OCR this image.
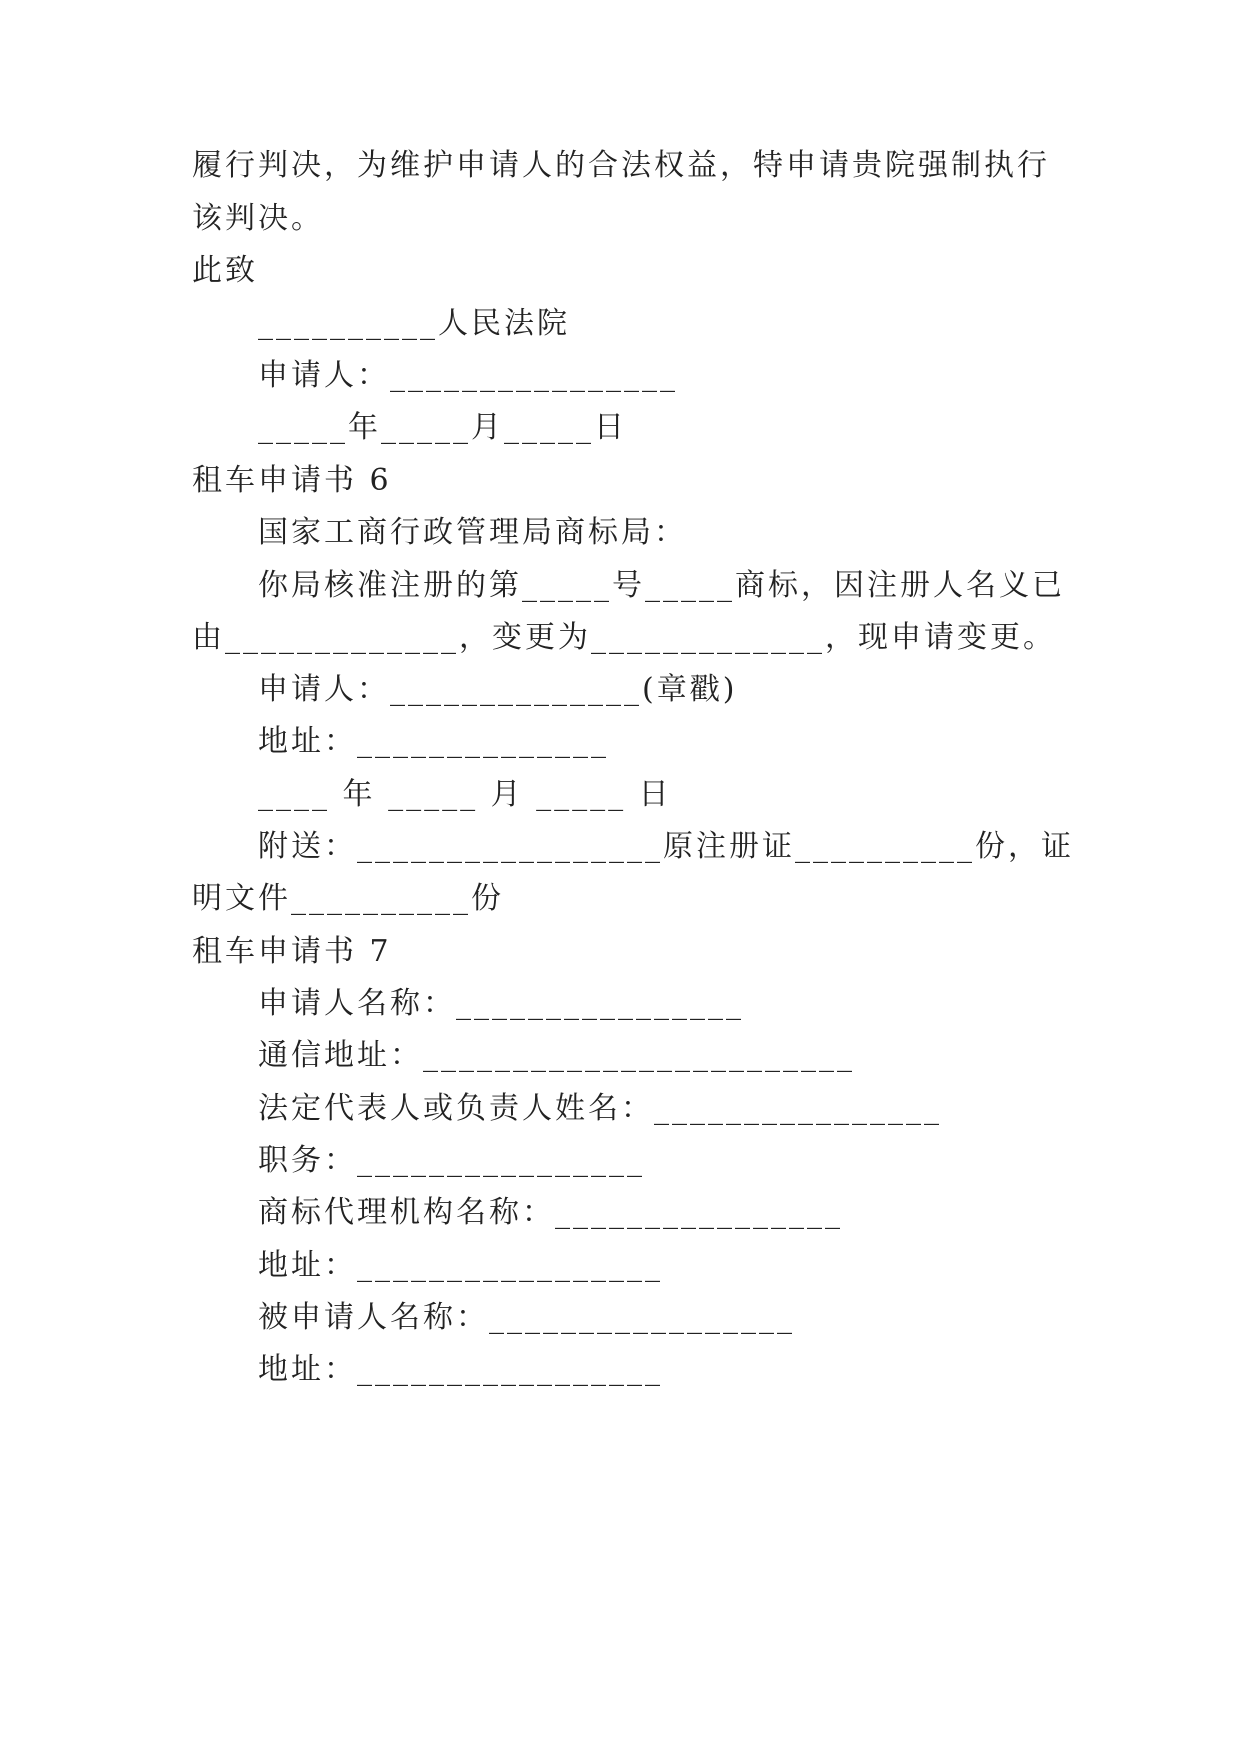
履行判决，为维护申请人的合法权益，特申请贵院强制执行
该判决。
此致
__________人民法院
申请人：________________
_____年_____月_____日
租车申请书 6
国家工商行政管理局商标局：
你局核准注册的第_____号_____商标，因注册人名义已
由_____________，变更为_____________，现申请变更。
申请人：______________(章戳)
地址：______________
____ 年 _____ 月 _____ 日
附送：_________________原注册证__________份，证
明文件__________份
租车申请书 7
申请人名称：________________
通信地址：________________________
法定代表人或负责人姓名：________________
职务：________________
商标代理机构名称：________________
地址：_________________
被申请人名称：_________________
地址：_________________
